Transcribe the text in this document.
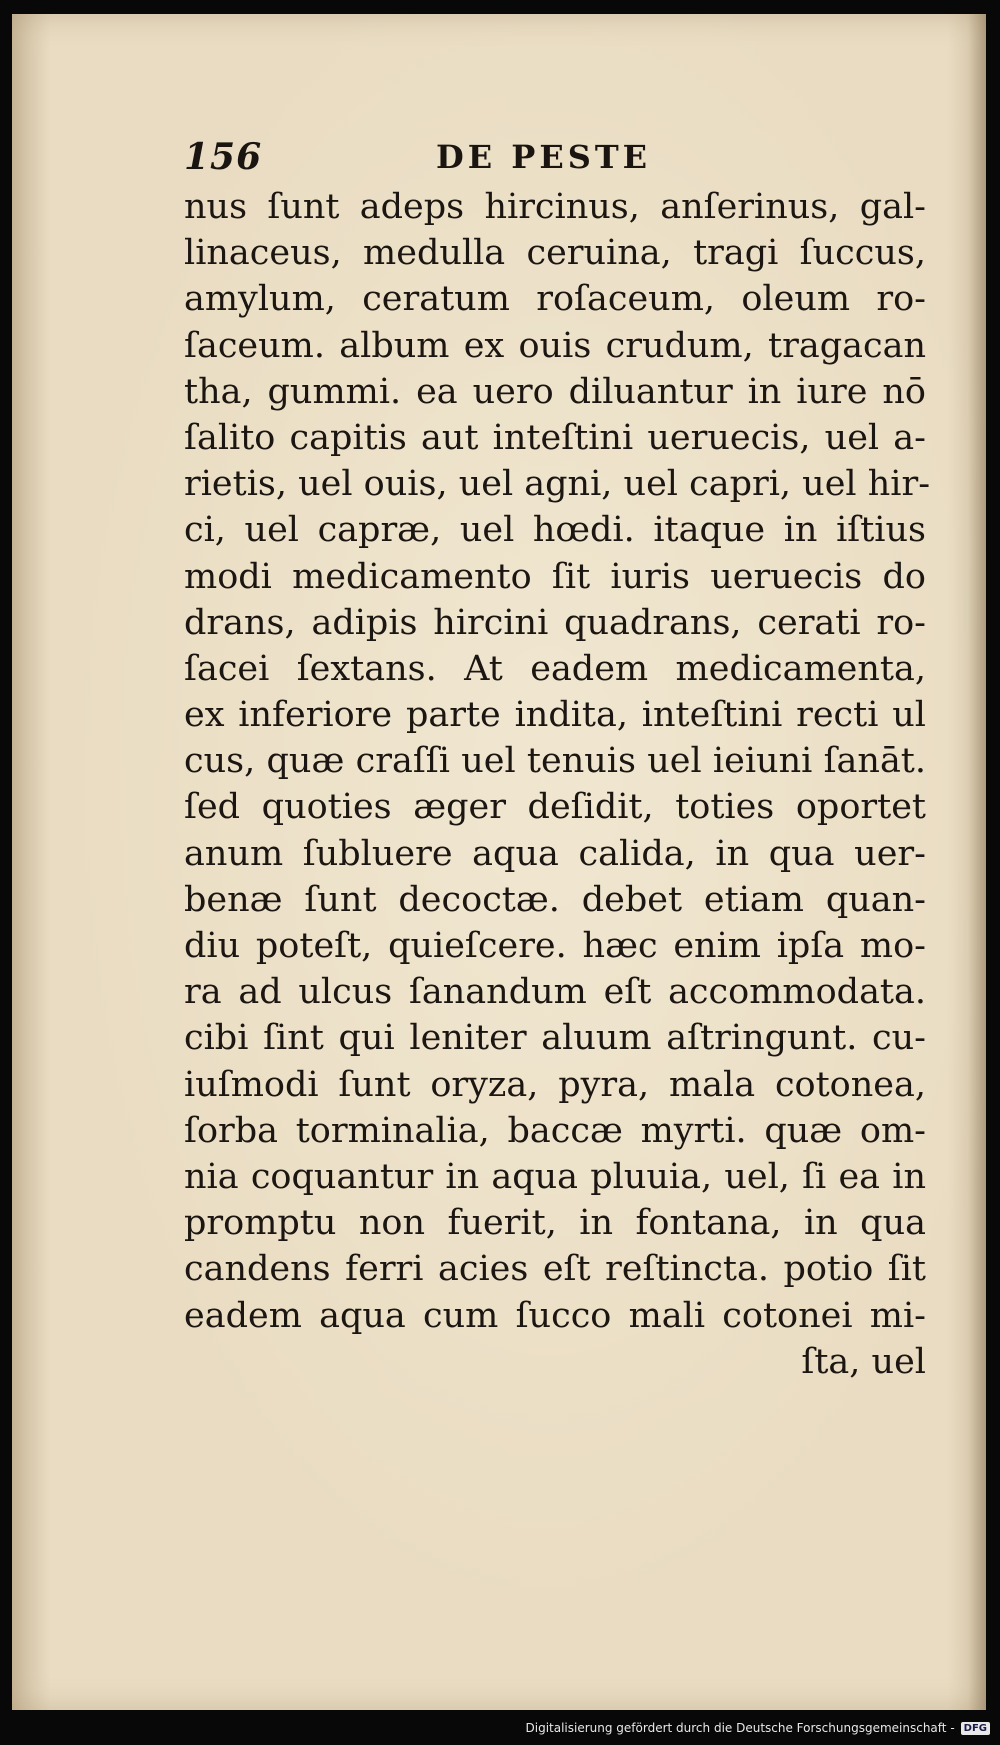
156	DE PESTE
nus ſunt adeps hircinus, anſerinus, gal-
linaceus, medulla ceruina, tragi ſuccus,
amylum, ceratum roſaceum, oleum ro-
ſaceum. album ex ouis crudum, tragacan
tha, gummi. ea uero diluantur in iure nō
ſalito capitis aut inteſtini ueruecis, uel a-
rietis, uel ouis, uel agni, uel capri, uel hir-
ci, uel capræ, uel hœdi. itaque in iſtius
modi medicamento ſit iuris ueruecis do
drans, adipis hircini quadrans, cerati ro-
ſacei ſextans. At eadem medicamenta,
ex inferiore parte indita, inteſtini recti ul
cus, quæ craſſi uel tenuis uel ieiuni ſanāt.
ſed quoties æger deſidit, toties oportet
anum ſubluere aqua calida, in qua uer-
benæ ſunt decoctæ. debet etiam quan-
diu poteſt, quieſcere. hæc enim ipſa mo-
ra ad ulcus ſanandum eſt accommodata.
cibi ſint qui leniter aluum aſtringunt. cu-
iuſmodi ſunt oryza, pyra, mala cotonea,
ſorba torminalia, baccæ myrti. quæ om-
nia coquantur in aqua pluuia, uel, ſi ea in
promptu non fuerit, in fontana, in qua
candens ferri acies eſt reſtincta. potio ſit
eadem aqua cum ſucco mali cotonei mi-
ſta, uel
Digitalisierung gefördert durch die Deutsche Forschungsgemeinschaft - DFG
